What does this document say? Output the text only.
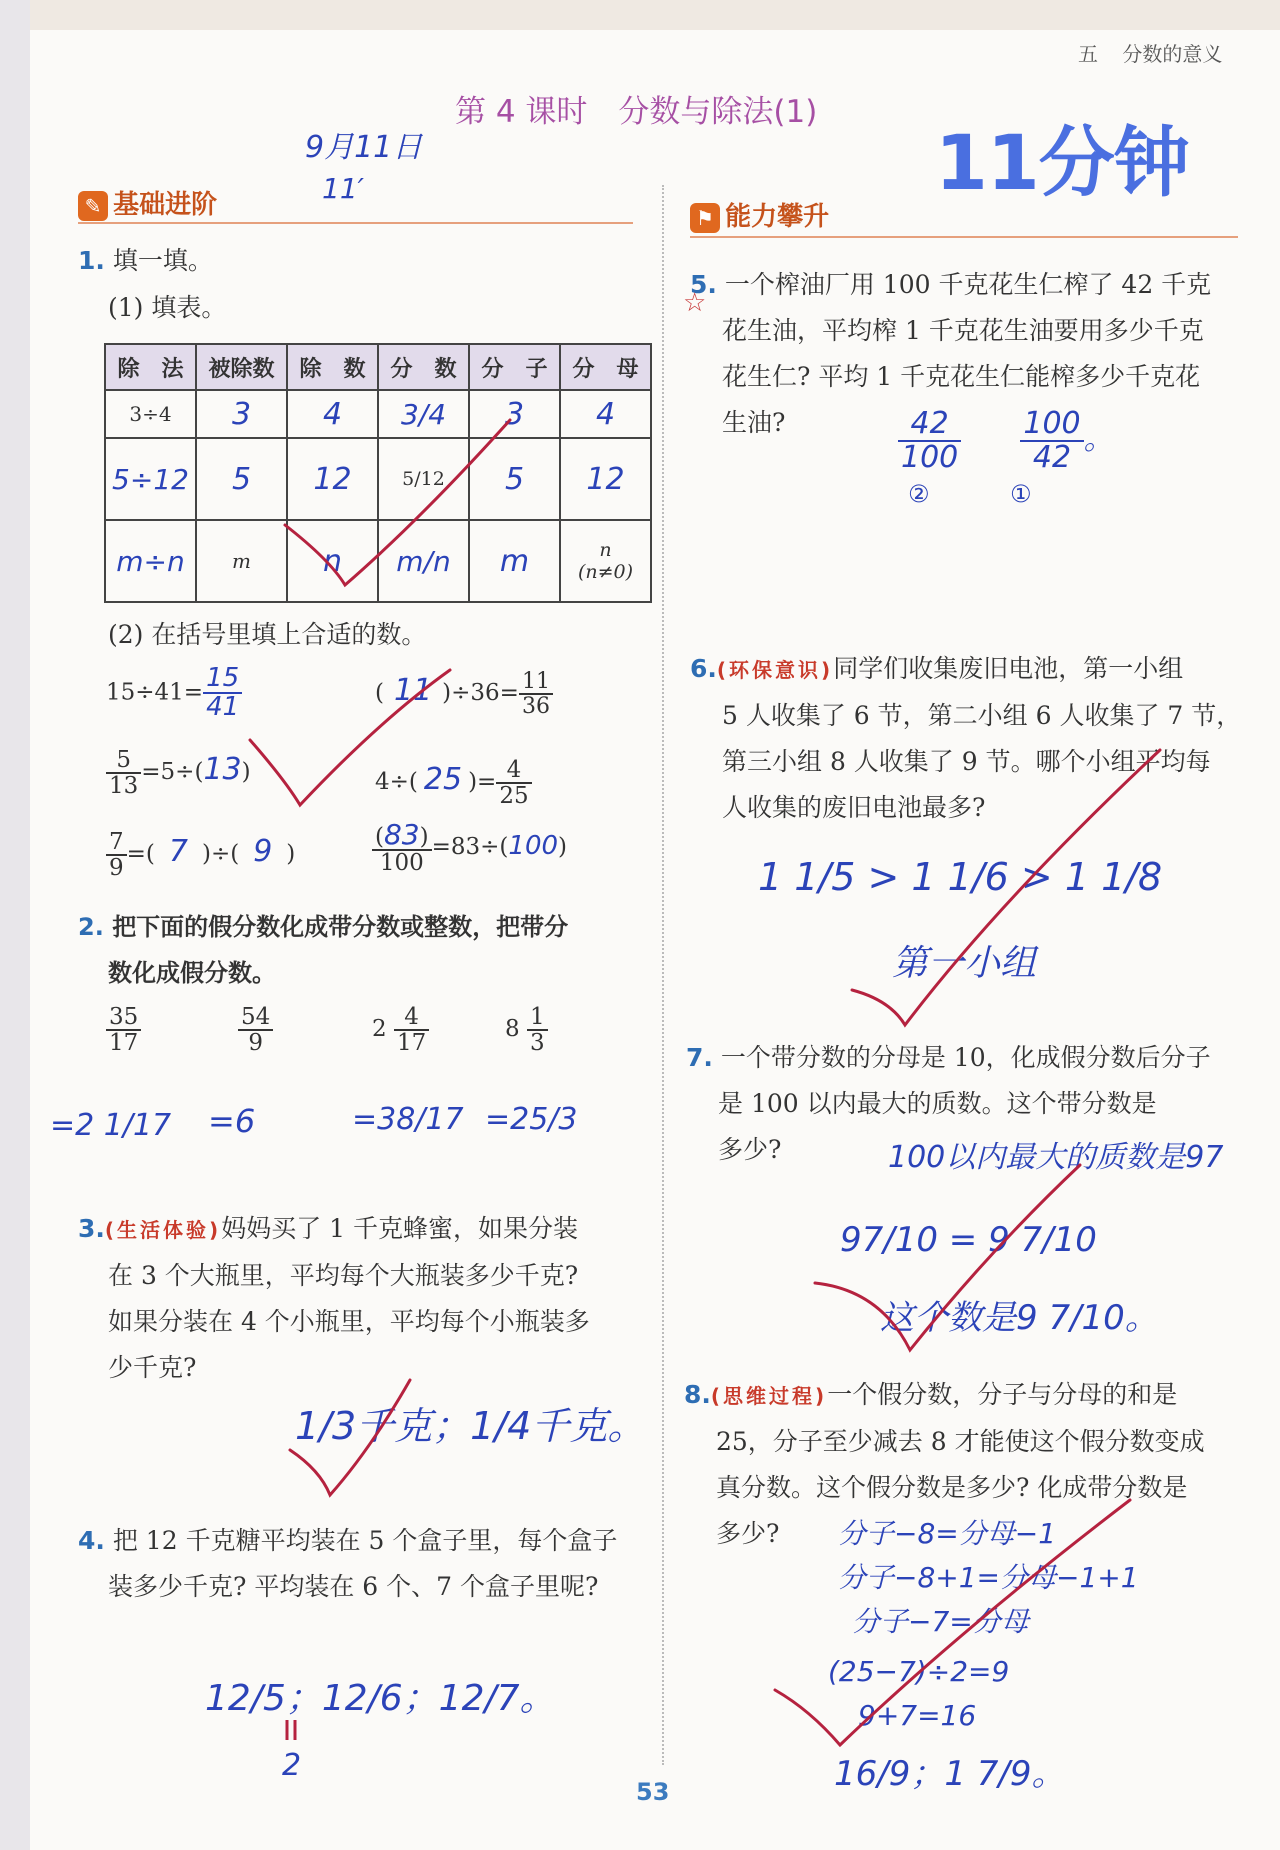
五 分数的意义
第 4 课时　分数与除法(1)
11分钟
9月11日
11′
✎ 基础进阶	⚑ 能力攀升
1. 填一填。
(1) 填表。
除　法	被除数	除　数	分　数	分　子	分　母
3÷4	3	4	3/4	3	4
5÷12	5	12	5/12	5	12
m÷n	m	n	m/n	m	n
(n≠0)
(2) 在括号里填上合适的数。
$15\div 41= \frac{15}{41}$	( 11 )$\div 36= \frac{11}{36}$
$\frac{5}{13} =5\div(13)$	4÷( 25 )= $\frac{4}{25}$
$\frac{7}{9}$ =( 7 )÷( 9 )	$\frac{(83)}{100} =83\div(100)$
2. 把下面的假分数化成带分数或整数，把带分
数化成假分数。
$\frac{35}{17}$	$\frac{54}{9}$	$2 \frac{4}{17}$	$8 \frac{1}{3}$
=2 1/17 =6	=38/17 =25/3
3.(生活体验)妈妈买了 1 千克蜂蜜，如果分装
在 3 个大瓶里，平均每个大瓶装多少千克?
如果分装在 4 个小瓶里，平均每个小瓶装多
少千克?
1/3千克；1/4千克。
4. 把 12 千克糖平均装在 5 个盒子里，每个盒子
装多少千克? 平均装在 6 个、7 个盒子里呢?
12/5；12/6；12/7。
2
5. 一个榨油厂用 100 千克花生仁榨了 42 千克
花生油，平均榨 1 千克花生油要用多少千克
花生仁? 平均 1 千克花生仁能榨多少千克花
生油?
☆
$\frac{42}{100}$
$\frac{100}{42}$ 。
②	①
6.(环保意识)同学们收集废旧电池，第一小组
5 人收集了 6 节，第二小组 6 人收集了 7 节，
第三小组 8 人收集了 9 节。哪个小组平均每
人收集的废旧电池最多?
1 1/5 > 1 1/6 > 1 1/8
第一小组
7. 一个带分数的分母是 10，化成假分数后分子
是 100 以内最大的质数。这个带分数是
多少?	100以内最大的质数是97
97/10 = 9 7/10
这个数是9 7/10。
8.(思维过程)一个假分数，分子与分母的和是
25，分子至少减去 8 才能使这个假分数变成
真分数。这个假分数是多少? 化成带分数是
多少?	分子−8=分母−1
分子−8+1=分母−1+1
分子−7=分母
(25−7)÷2=9
9+7=16
16/9；1 7/9。
53
